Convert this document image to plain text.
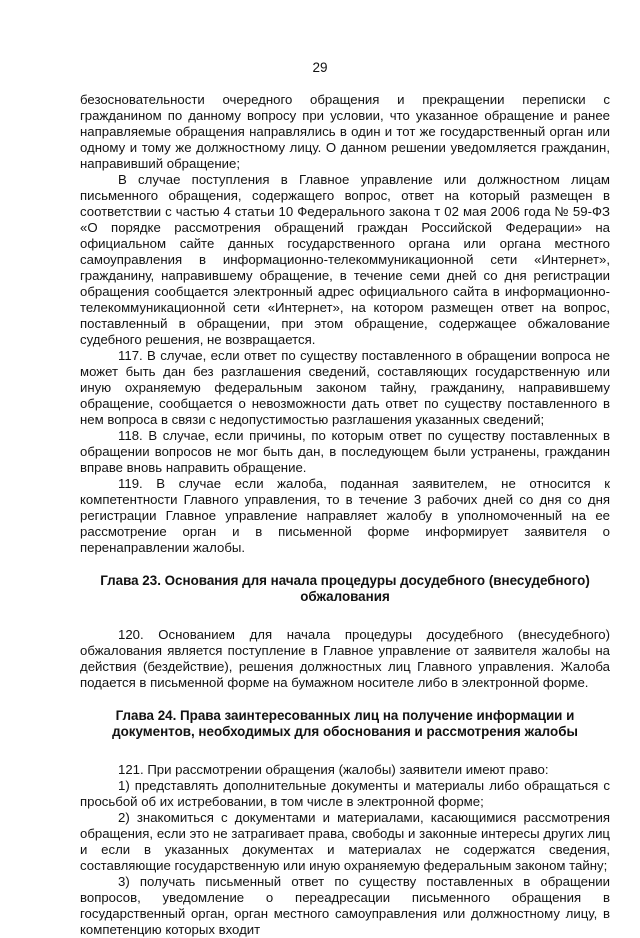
29

безосновательности очередного обращения и прекращении переписки с гражданином по данному вопросу при условии, что указанное обращение и ранее направляемые обращения направлялись в один и тот же государственный орган или одному и тому же должностному лицу. О данном решении уведомляется гражданин, направивший обращение;

В случае поступления в Главное управление или должностном лицам письменного обращения, содержащего вопрос, ответ на который размещен в соответствии с частью 4 статьи 10 Федерального закона т 02 мая 2006 года № 59-ФЗ «О порядке рассмотрения обращений граждан Российской Федерации» на официальном сайте данных государственного органа или органа местного самоуправления в информационно-телекоммуникационной сети «Интернет», гражданину, направившему обращение, в течение семи дней со дня регистрации обращения сообщается электронный адрес официального сайта в информационно-телекоммуникационной сети «Интернет», на котором размещен ответ на вопрос, поставленный в обращении, при этом обращение, содержащее обжалование судебного решения, не возвращается.

117. В случае, если ответ по существу поставленного в обращении вопроса не может быть дан без разглашения сведений, составляющих государственную или иную охраняемую федеральным законом тайну, гражданину, направившему обращение, сообщается о невозможности дать ответ по существу поставленного в нем вопроса в связи с недопустимостью разглашения указанных сведений;

118. В случае, если причины, по которым ответ по существу поставленных в обращении вопросов не мог быть дан, в последующем были устранены, гражданин вправе вновь направить обращение.

119. В случае если жалоба, поданная заявителем, не относится к компетентности Главного управления, то в течение 3 рабочих дней со дня со дня регистрации Главное управление направляет жалобу в уполномоченный на ее рассмотрение орган и в письменной форме информирует заявителя о перенаправлении жалобы.

Глава 23. Основания для начала процедуры досудебного (внесудебного) обжалования

120. Основанием для начала процедуры досудебного (внесудебного) обжалования является поступление в Главное управление от заявителя жалобы на действия (бездействие), решения должностных лиц Главного управления. Жалоба подается в письменной форме на бумажном носителе либо в электронной форме.

Глава 24. Права заинтересованных лиц на получение информации и документов, необходимых для обоснования и рассмотрения жалобы

121. При рассмотрении обращения (жалобы) заявители имеют право:

1) представлять дополнительные документы и материалы либо обращаться с просьбой об их истребовании, в том числе в электронной форме;

2) знакомиться с документами и материалами, касающимися рассмотрения обращения, если это не затрагивает права, свободы и законные интересы других лиц и если в указанных документах и материалах не содержатся сведения, составляющие государственную или иную охраняемую федеральным законом тайну;

3) получать письменный ответ по существу поставленных в обращении вопросов, уведомление о переадресации письменного обращения в государственный орган, орган местного самоуправления или должностному лицу, в компетенцию которых входит
